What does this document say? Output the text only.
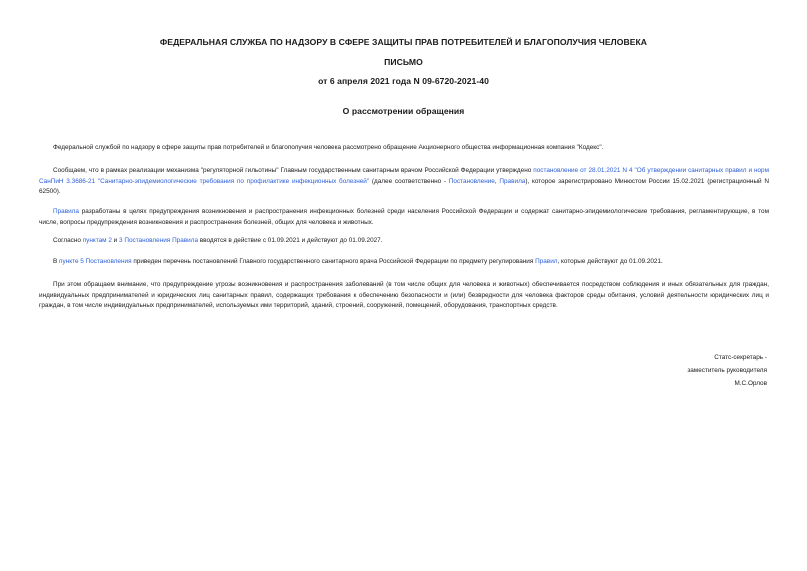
ФЕДЕРАЛЬНАЯ СЛУЖБА ПО НАДЗОРУ В СФЕРЕ ЗАЩИТЫ ПРАВ ПОТРЕБИТЕЛЕЙ И БЛАГОПОЛУЧИЯ ЧЕЛОВЕКА
ПИСЬМО
от 6 апреля 2021 года N 09-6720-2021-40
О рассмотрении обращения
Федеральной службой по надзору в сфере защиты прав потребителей и благополучия человека рассмотрено обращение Акционерного общества информационная компания "Кодекс".
Сообщаем, что в рамках реализации механизма "регуляторной гильотины" Главным государственным санитарным врачом Российской Федерации утверждено постановление от 28.01.2021 N 4 "Об утверждении санитарных правил и норм СанПиН 3.3686-21 "Санитарно-эпидемиологические требования по профилактике инфекционных болезней" (далее соответственно - Постановление, Правила), которое зарегистрировано Минюстом России 15.02.2021 (регистрационный N 62500).
Правила разработаны в целях предупреждения возникновения и распространения инфекционных болезней среди населения Российской Федерации и содержат санитарно-эпидемиологические требования, регламентирующие, в том числе, вопросы предупреждения возникновения и распространения болезней, общих для человека и животных.
Согласно пунктам 2 и 3 Постановления Правила вводятся в действие с 01.09.2021 и действуют до 01.09.2027.
В пункте 5 Постановления приведен перечень постановлений Главного государственного санитарного врача Российской Федерации по предмету регулирования Правил, которые действуют до 01.09.2021.
При этом обращаем внимание, что предупреждение угрозы возникновения и распространения заболеваний (в том числе общих для человека и животных) обеспечивается посредством соблюдения и иных обязательных для граждан, индивидуальных предпринимателей и юридических лиц санитарных правил, содержащих требования к обеспечению безопасности и (или) безвредности для человека факторов среды обитания, условий деятельности юридических лиц и граждан, в том числе индивидуальных предпринимателей, используемых ими территорий, зданий, строений, сооружений, помещений, оборудования, транспортных средств.
Статс-секретарь -
заместитель руководителя
М.С.Орлов
